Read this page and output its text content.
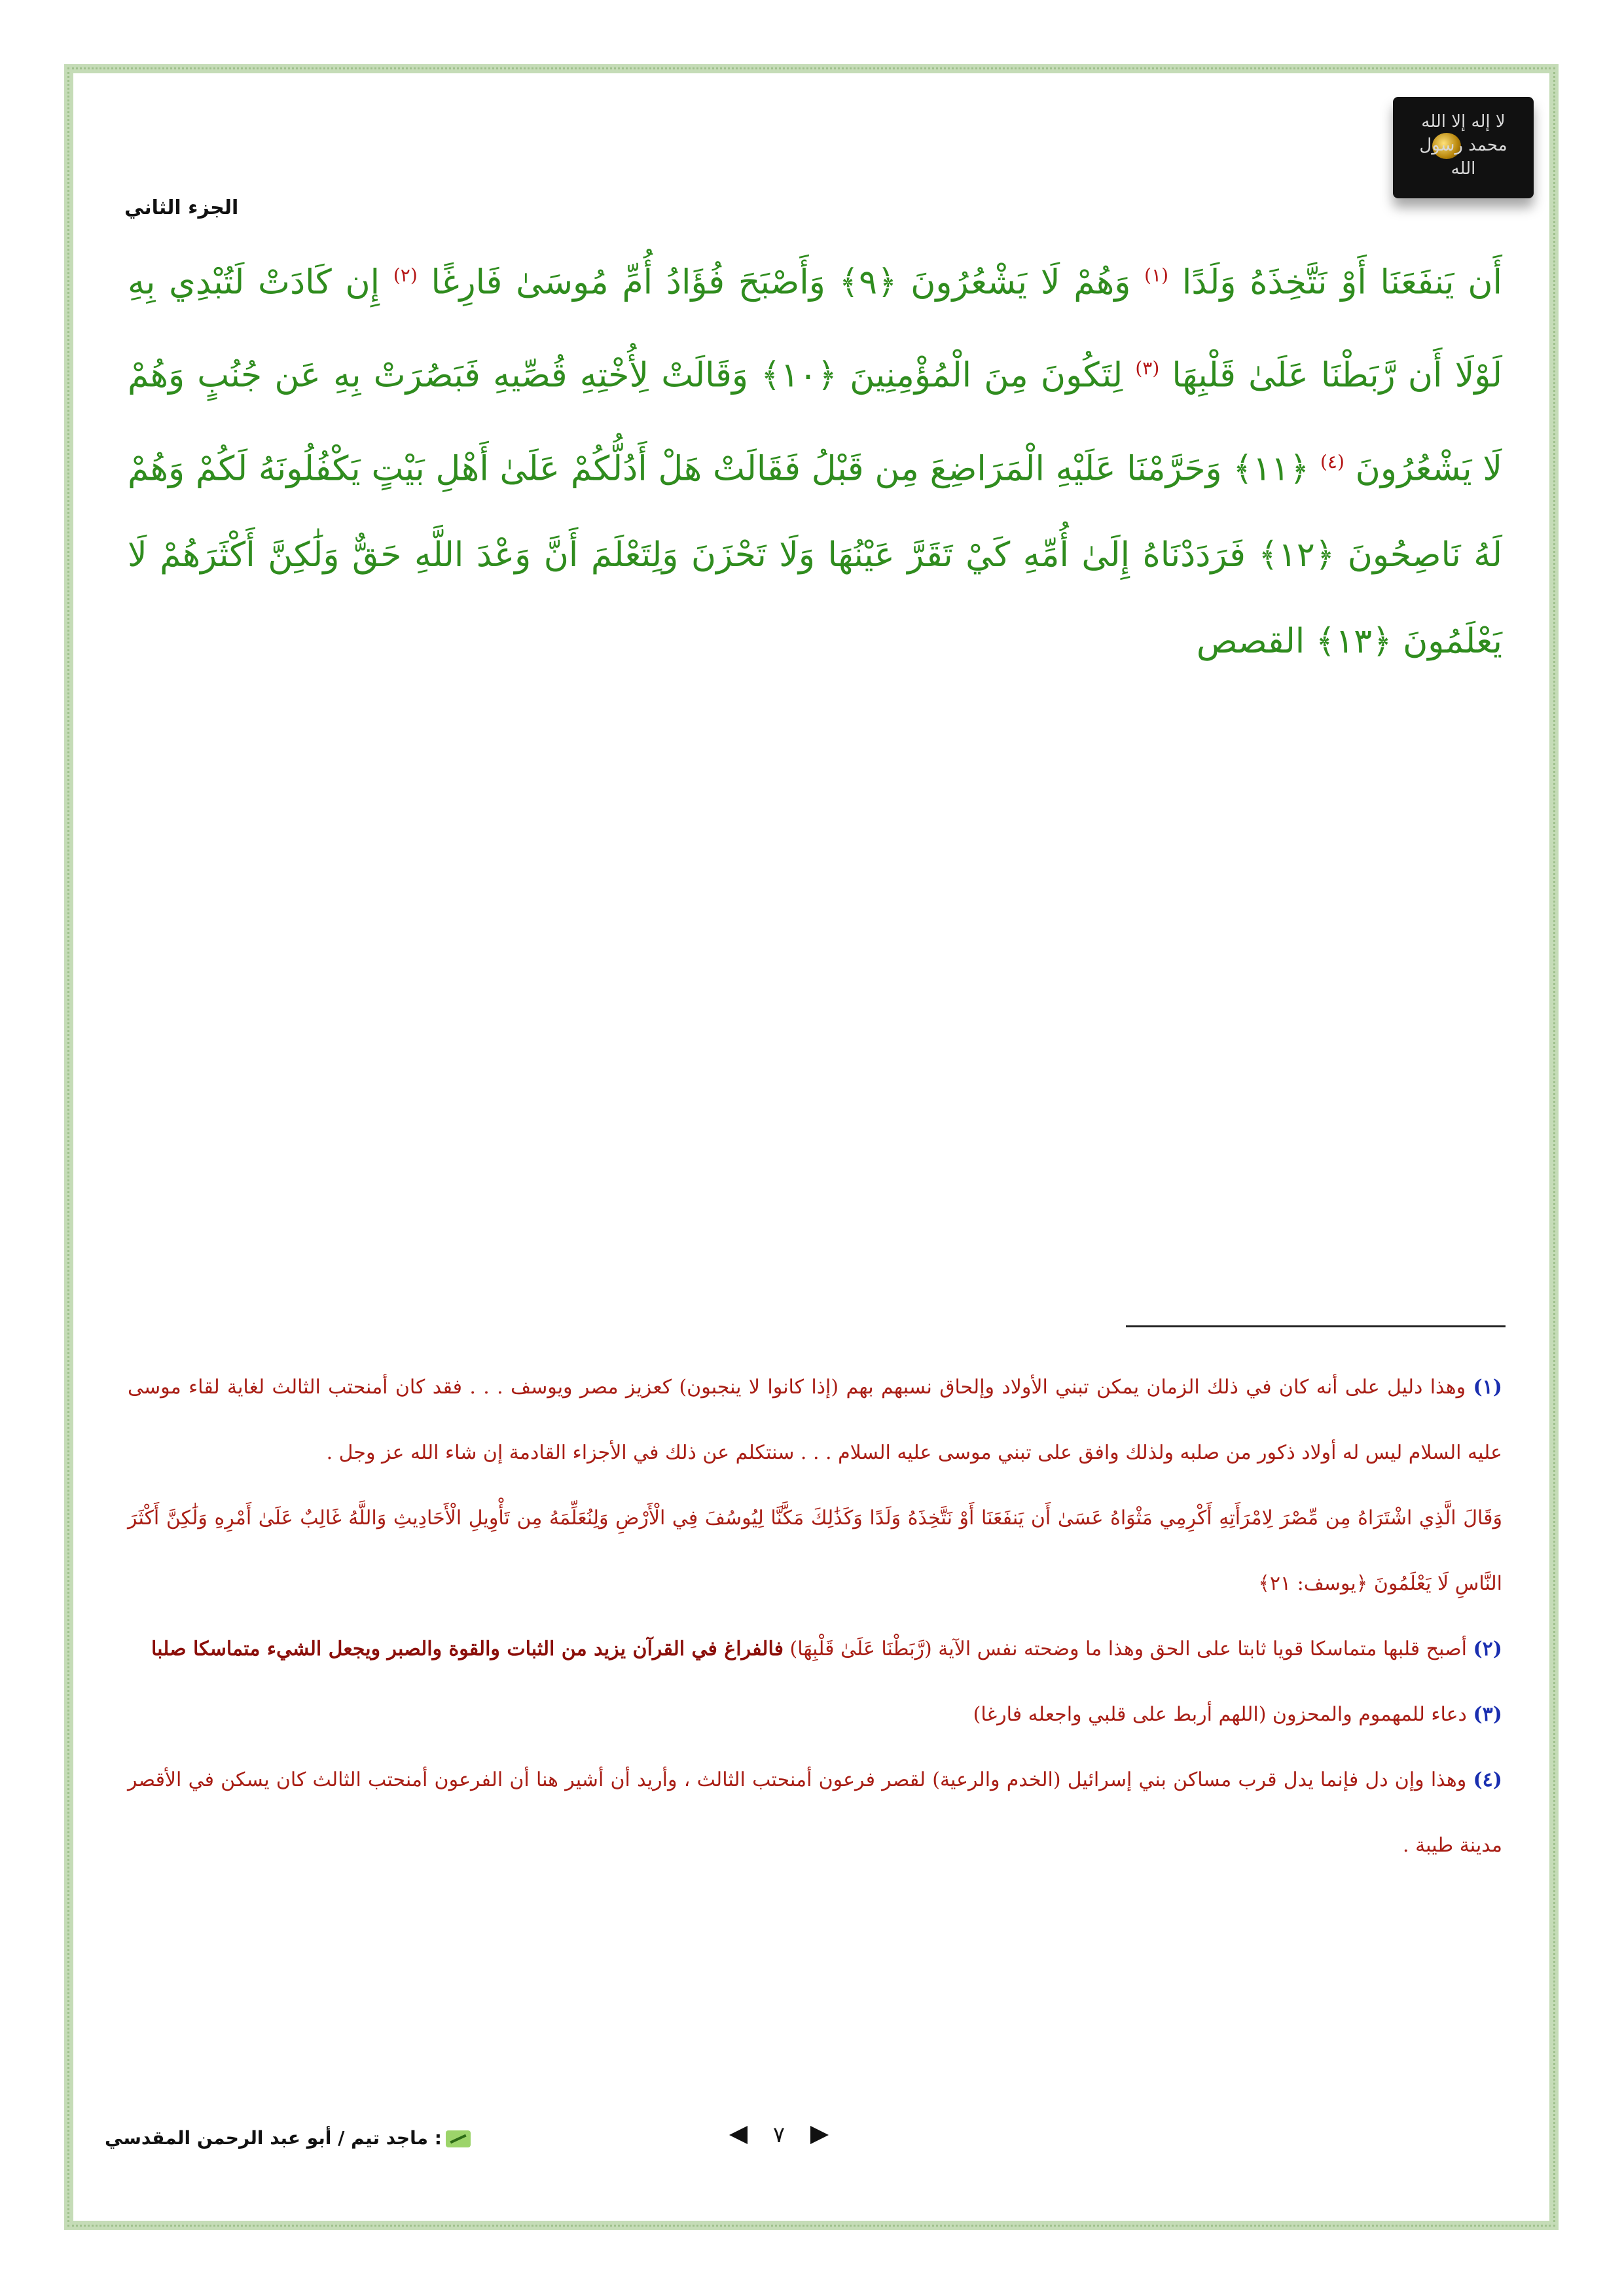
لا إله إلا الله محمد رسول الله
الجزء الثاني
أَن يَنفَعَنَا أَوْ نَتَّخِذَهُ وَلَدًا $^{(١)}$ وَهُمْ لَا يَشْعُرُونَ ﴿٩﴾ وَأَصْبَحَ فُؤَادُ أُمِّ مُوسَىٰ فَارِغًا $^{(٢)}$ إِن كَادَتْ لَتُبْدِي بِهِ لَوْلَا أَن رَّبَطْنَا عَلَىٰ قَلْبِهَا $^{(٣)}$ لِتَكُونَ مِنَ الْمُؤْمِنِينَ ﴿١٠﴾ وَقَالَتْ لِأُخْتِهِ قُصِّيهِ فَبَصُرَتْ بِهِ عَن جُنُبٍ وَهُمْ لَا يَشْعُرُونَ $^{(٤)}$ ﴿١١﴾ وَحَرَّمْنَا عَلَيْهِ الْمَرَاضِعَ مِن قَبْلُ فَقَالَتْ هَلْ أَدُلُّكُمْ عَلَىٰ أَهْلِ بَيْتٍ يَكْفُلُونَهُ لَكُمْ وَهُمْ لَهُ نَاصِحُونَ ﴿١٢﴾ فَرَدَدْنَاهُ إِلَىٰ أُمِّهِ كَيْ تَقَرَّ عَيْنُهَا وَلَا تَحْزَنَ وَلِتَعْلَمَ أَنَّ وَعْدَ اللَّهِ حَقٌّ وَلَٰكِنَّ أَكْثَرَهُمْ لَا يَعْلَمُونَ ﴿١٣﴾ القصص

(١) وهذا دليل على أنه كان في ذلك الزمان يمكن تبني الأولاد وإلحاق نسبهم بهم (إذا كانوا لا ينجبون) كعزيز مصر ويوسف . . . فقد كان أمنحتب الثالث لغاية لقاء موسى عليه السلام ليس له أولاد ذكور من صلبه ولذلك وافق على تبني موسى عليه السلام . . . سنتكلم عن ذلك في الأجزاء القادمة إن شاء الله عز وجل .

وَقَالَ الَّذِي اشْتَرَاهُ مِن مِّصْرَ لِامْرَأَتِهِ أَكْرِمِي مَثْوَاهُ عَسَىٰ أَن يَنفَعَنَا أَوْ نَتَّخِذَهُ وَلَدًا وَكَذَٰلِكَ مَكَّنَّا لِيُوسُفَ فِي الْأَرْضِ وَلِنُعَلِّمَهُ مِن تَأْوِيلِ الْأَحَادِيثِ وَاللَّهُ غَالِبٌ عَلَىٰ أَمْرِهِ وَلَٰكِنَّ أَكْثَرَ النَّاسِ لَا يَعْلَمُونَ ﴿يوسف: ٢١﴾

(٢) أصبح قلبها متماسكا قويا ثابتا على الحق وهذا ما وضحته نفس الآية (رَّبَطْنَا عَلَىٰ قَلْبِهَا) فالفراغ في القرآن يزيد من الثبات والقوة والصبر ويجعل الشيء متماسكا صلبا

(٣) دعاء للمهموم والمحزون (اللهم أربط على قلبي واجعله فارغا)

(٤) وهذا وإن دل فإنما يدل قرب مساكن بني إسرائيل (الخدم والرعية) لقصر فرعون أمنحتب الثالث ، وأريد أن أشير هنا أن الفرعون أمنحتب الثالث كان يسكن في الأقصر مدينة طيبة .

: ماجد تيم / أبو عبد الرحمن المقدسي	٧
